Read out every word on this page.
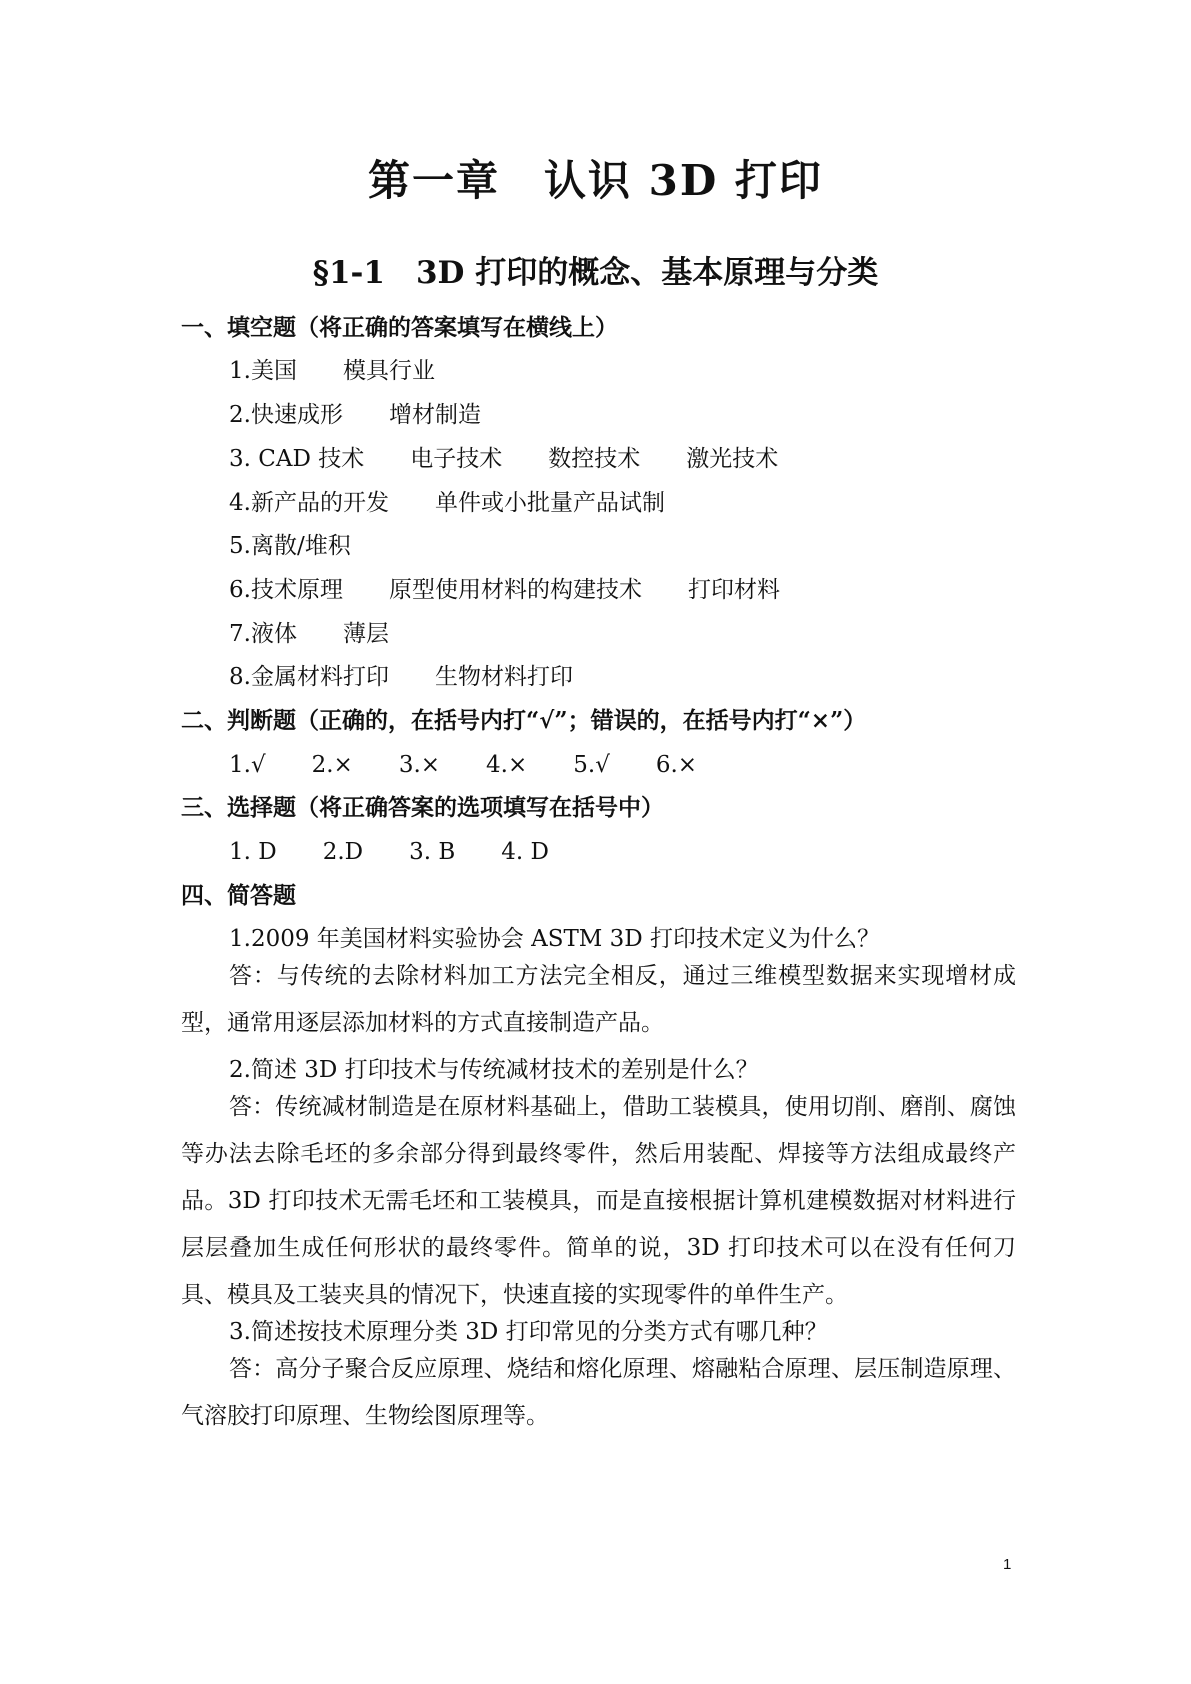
第一章　认识 3D 打印
§1-1　3D 打印的概念、基本原理与分类
一、填空题（将正确的答案填写在横线上）
1.美国　　模具行业
2.快速成形　　增材制造
3. CAD 技术　　电子技术　　数控技术　　激光技术
4.新产品的开发　　单件或小批量产品试制
5.离散/堆积
6.技术原理　　原型使用材料的构建技术　　打印材料
7.液体　　薄层
8.金属材料打印　　生物材料打印
二、判断题（正确的，在括号内打“√”；错误的，在括号内打“×”）
1.√　　2.×　　3.×　　4.×　　5.√　　6.×
三、选择题（将正确答案的选项填写在括号中）
1. D　　2.D　　3. B　　4. D
四、简答题
1.2009 年美国材料实验协会 ASTM 3D 打印技术定义为什么？
答：与传统的去除材料加工方法完全相反，通过三维模型数据来实现增材成型，通常用逐层添加材料的方式直接制造产品。
2.简述 3D 打印技术与传统减材技术的差别是什么？
答：传统减材制造是在原材料基础上，借助工装模具，使用切削、磨削、腐蚀等办法去除毛坯的多余部分得到最终零件，然后用装配、焊接等方法组成最终产品。3D 打印技术无需毛坯和工装模具，而是直接根据计算机建模数据对材料进行层层叠加生成任何形状的最终零件。简单的说，3D 打印技术可以在没有任何刀具、模具及工装夹具的情况下，快速直接的实现零件的单件生产。
3.简述按技术原理分类 3D 打印常见的分类方式有哪几种？
答：高分子聚合反应原理、烧结和熔化原理、熔融粘合原理、层压制造原理、气溶胶打印原理、生物绘图原理等。
1
